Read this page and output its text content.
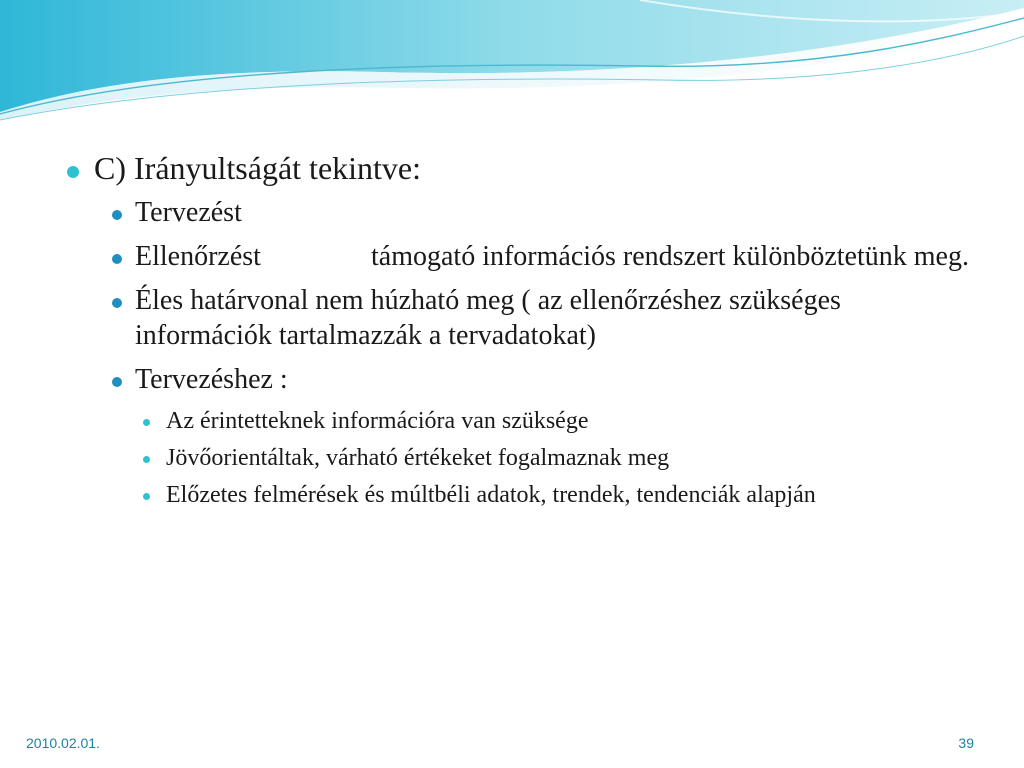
C) Irányultságát tekintve:
Tervezést
Ellenőrzést	támogató információs rendszert különböztetünk meg.
Éles határvonal nem húzható meg ( az ellenőrzéshez szükséges információk tartalmazzák a tervadatokat)
Tervezéshez :
Az érintetteknek információra van szüksége
Jövőorientáltak, várható értékeket fogalmaznak meg
Előzetes felmérések és múltbéli adatok, trendek, tendenciák alapján
2010.02.01.	39
